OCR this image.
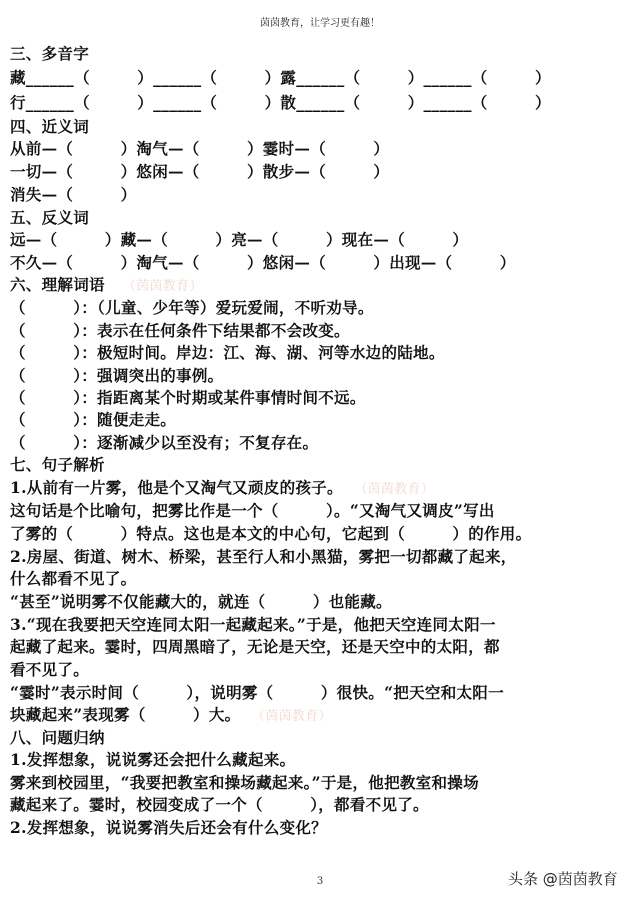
茵茵教育，让学习更有趣！
三、多音字
藏______（　　　）______（　　　）露______（　　　）______（　　　）
行______（　　　）______（　　　）散______（　　　）______（　　　）
四、近义词
从前—（　　　）淘气—（　　　）霎时—（　　　）
一切—（　　　）悠闲—（　　　）散步—（　　　）
消失—（　　　）
五、反义词
远—（　　　）藏—（　　　）亮—（　　　）现在—（　　　）
不久—（　　　）淘气—（　　　）悠闲—（　　　）出现—（　　　）
六、理解词语 （茵茵教育）
（　　　）：（儿童、少年等）爱玩爱闹，不听劝导。
（　　　）：表示在任何条件下结果都不会改变。
（　　　）：极短时间。岸边：江、海、湖、河等水边的陆地。
（　　　）：强调突出的事例。
（　　　）：指距离某个时期或某件事情时间不远。
（　　　）：随便走走。
（　　　）：逐渐减少以至没有；不复存在。
七、句子解析
1.从前有一片雾，他是个又淘气又顽皮的孩子。 （茵茵教育）
这句话是个比喻句，把雾比作是一个（　　　）。“又淘气又调皮”写出
了雾的（　　　）特点。这也是本文的中心句，它起到（　　　）的作用。
2.房屋、街道、树木、桥梁，甚至行人和小黑猫，雾把一切都藏了起来，
什么都看不见了。
“甚至”说明雾不仅能藏大的，就连（　　　）也能藏。
3.“现在我要把天空连同太阳一起藏起来。”于是，他把天空连同太阳一
起藏了起来。霎时，四周黑暗了，无论是天空，还是天空中的太阳，都
看不见了。
“霎时”表示时间（　　　），说明雾（　　　）很快。“把天空和太阳一
块藏起来”表现雾（　　　）大。 （茵茵教育）
八、问题归纳
1.发挥想象，说说雾还会把什么藏起来。
雾来到校园里，“我要把教室和操场藏起来。”于是，他把教室和操场
藏起来了。霎时，校园变成了一个（　　　），都看不见了。
2.发挥想象，说说雾消失后还会有什么变化？
3	头条 @茵茵教育
